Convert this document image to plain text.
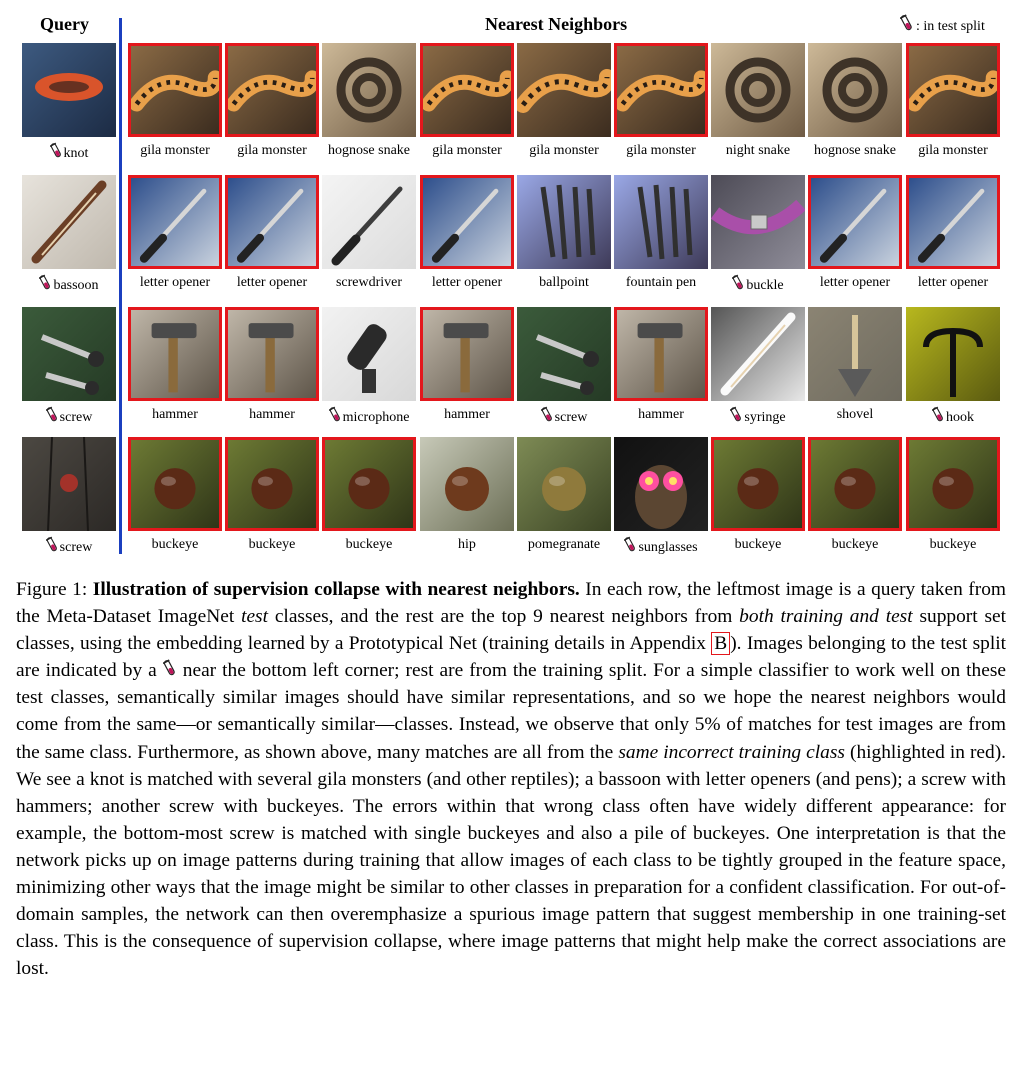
Query	Nearest Neighbors	: in test split
knot	gila monster	gila monster	hognose snake	gila monster	gila monster	gila monster	night snake	hognose snake	gila monster
bassoon	letter opener	letter opener	screwdriver	letter opener	ballpoint	fountain pen	buckle	letter opener	letter opener
screw	hammer	hammer	microphone	hammer	screw	hammer	syringe	shovel	hook
screw	buckeye	buckeye	buckeye	hip	pomegranate	sunglasses	buckeye	buckeye	buckeye
Figure 1: Illustration of supervision collapse with nearest neighbors. In each row, the leftmost image is a query taken from the Meta-Dataset ImageNet test classes, and the rest are the top 9 nearest neighbors from both training and test support set classes, using the embedding learned by a Prototypical Net (training details in Appendix B ). Images belonging to the test split are indicated by a  near the bottom left corner; rest are from the training split. For a simple classifier to work well on these test classes, semantically similar images should have similar representations, and so we hope the nearest neighbors would come from the same—or semantically similar—classes. Instead, we observe that only 5% of matches for test images are from the same class. Furthermore, as shown above, many matches are all from the same incorrect training class (highlighted in red). We see a knot is matched with several gila monsters (and other reptiles); a bassoon with letter openers (and pens); a screw with hammers; another screw with buckeyes. The errors within that wrong class often have widely different appearance: for example, the bottom-most screw is matched with single buckeyes and also a pile of buckeyes. One interpretation is that the network picks up on image patterns during training that allow images of each class to be tightly grouped in the feature space, minimizing other ways that the image might be similar to other classes in preparation for a confident classification. For out-of-domain samples, the network can then overemphasize a spurious image pattern that suggest membership in one training-set class. This is the consequence of supervision collapse, where image patterns that might help make the correct associations are lost.
